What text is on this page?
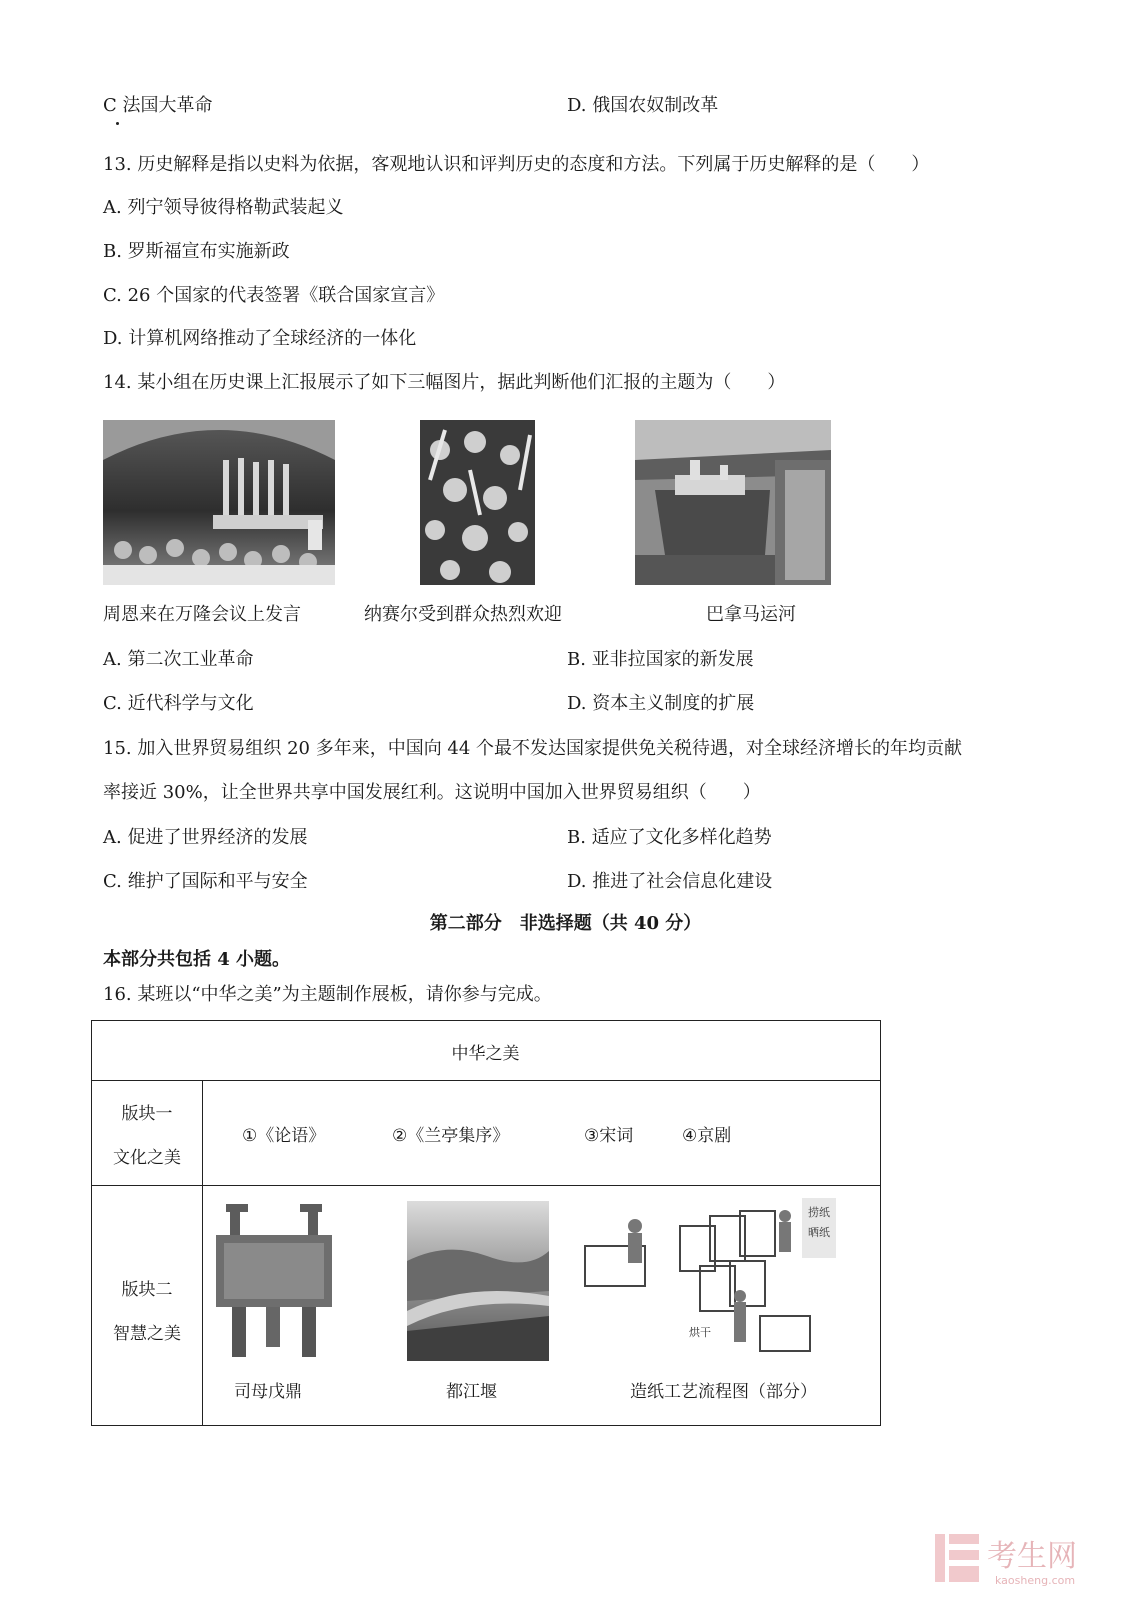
C 法国大革命	D. 俄国农奴制改革
13. 历史解释是指以史料为依据，客观地认识和评判历史的态度和方法。下列属于历史解释的是（　　）
A. 列宁领导彼得格勒武装起义
B. 罗斯福宣布实施新政
C. 26 个国家的代表签署《联合国家宣言》
D. 计算机网络推动了全球经济的一体化
14. 某小组在历史课上汇报展示了如下三幅图片，据此判断他们汇报的主题为（　　）
周恩来在万隆会议上发言	纳赛尔受到群众热烈欢迎	巴拿马运河
A. 第二次工业革命	B. 亚非拉国家的新发展
C. 近代科学与文化	D. 资本主义制度的扩展
15. 加入世界贸易组织 20 多年来，中国向 44 个最不发达国家提供免关税待遇，对全球经济增长的年均贡献
率接近 30%，让全世界共享中国发展红利。这说明中国加入世界贸易组织（　　）
A. 促进了世界经济的发展	B. 适应了文化多样化趋势
C. 维护了国际和平与安全	D. 推进了社会信息化建设
第二部分　非选择题（共 40 分）
本部分共包括 4 小题。
16. 某班以“中华之美”为主题制作展板，请你参与完成。
中华之美
版块一
文化之美
①《论语》	②《兰亭集序》	③宋词	④京剧
版块二
智慧之美
司母戊鼎	都江堰
捞纸
晒纸
烘干
造纸工艺流程图（部分）
考生网
kaosheng.com
